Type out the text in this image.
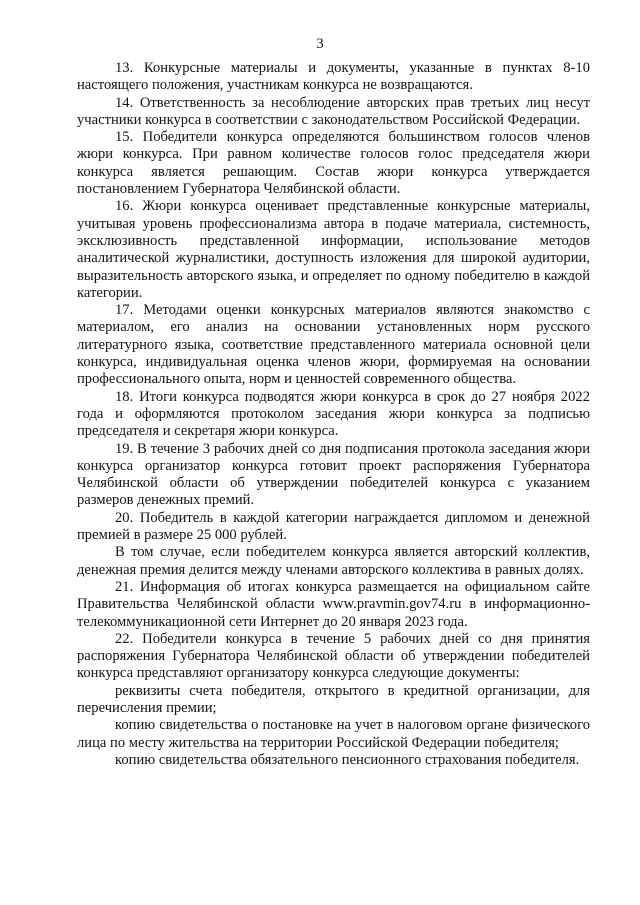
3

13. Конкурсные материалы и документы, указанные в пунктах 8-10 настоящего положения, участникам конкурса не возвращаются.

14. Ответственность за несоблюдение авторских прав третьих лиц несут участники конкурса в соответствии с законодательством Российской Федерации.

15. Победители конкурса определяются большинством голосов членов жюри конкурса. При равном количестве голосов голос председателя жюри конкурса является решающим. Состав жюри конкурса утверждается постановлением Губернатора Челябинской области.

16. Жюри конкурса оценивает представленные конкурсные материалы, учитывая уровень профессионализма автора в подаче материала, системность, эксклюзивность представленной информации, использование методов аналитической журналистики, доступность изложения для широкой аудитории, выразительность авторского языка, и определяет по одному победителю в каждой категории.

17. Методами оценки конкурсных материалов являются знакомство с материалом, его анализ на основании установленных норм русского литературного языка, соответствие представленного материала основной цели конкурса, индивидуальная оценка членов жюри, формируемая на основании профессионального опыта, норм и ценностей современного общества.

18. Итоги конкурса подводятся жюри конкурса в срок до 27 ноября 2022 года и оформляются протоколом заседания жюри конкурса за подписью председателя и секретаря жюри конкурса.

19. В течение 3 рабочих дней со дня подписания протокола заседания жюри конкурса организатор конкурса готовит проект распоряжения Губернатора Челябинской области об утверждении победителей конкурса с указанием размеров денежных премий.

20. Победитель в каждой категории награждается дипломом и денежной премией в размере 25 000 рублей.

В том случае, если победителем конкурса является авторский коллектив, денежная премия делится между членами авторского коллектива в равных долях.

21. Информация об итогах конкурса размещается на официальном сайте Правительства Челябинской области www.pravmin.gov74.ru в информационно-телекоммуникационной сети Интернет до 20 января 2023 года.

22. Победители конкурса в течение 5 рабочих дней со дня принятия распоряжения Губернатора Челябинской области об утверждении победителей конкурса представляют организатору конкурса следующие документы:

реквизиты счета победителя, открытого в кредитной организации, для перечисления премии;

копию свидетельства о постановке на учет в налоговом органе физического лица по месту жительства на территории Российской Федерации победителя;

копию свидетельства обязательного пенсионного страхования победителя.
